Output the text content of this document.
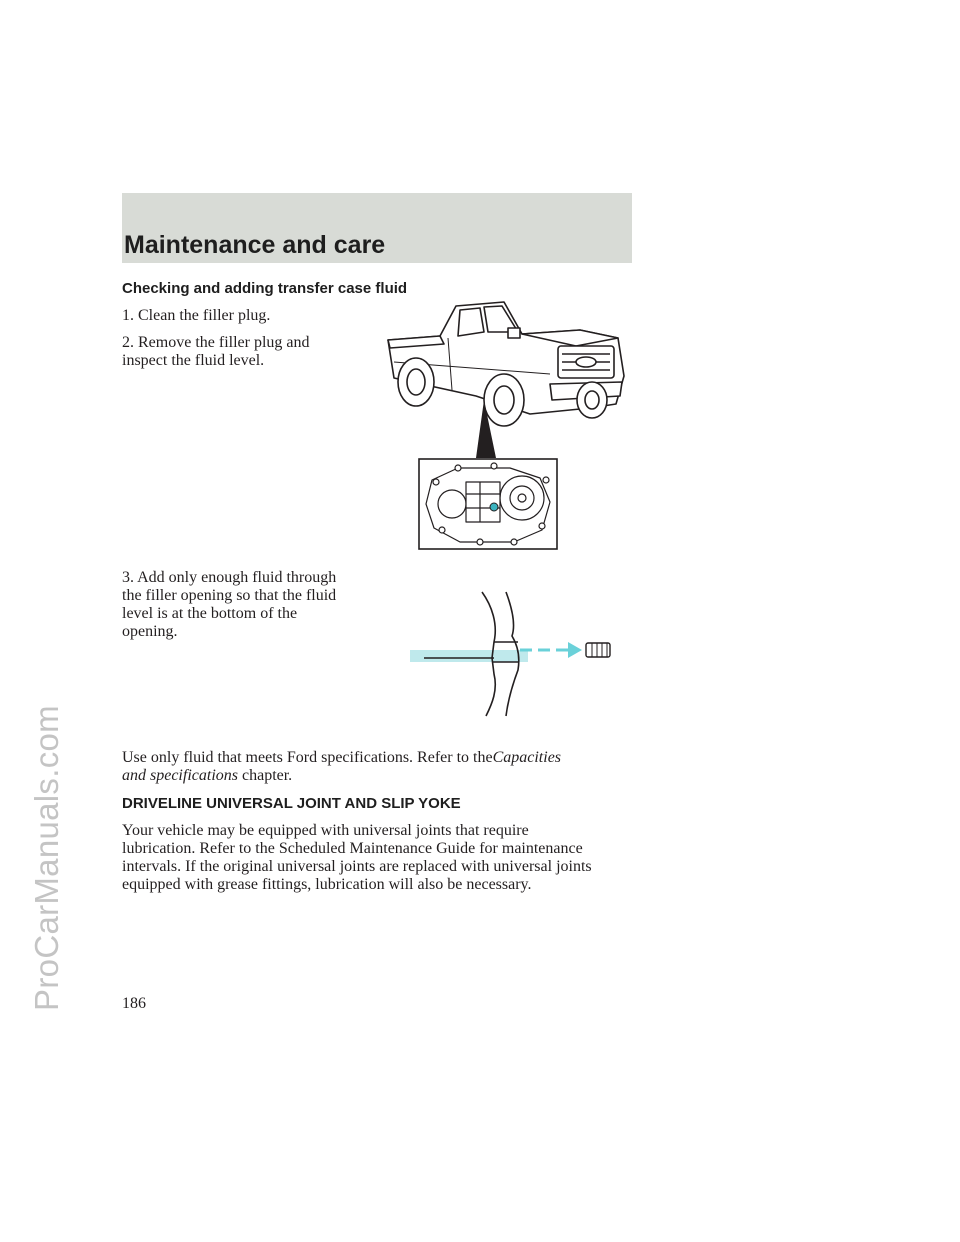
ProCarManuals.com
Maintenance and care
Checking and adding transfer case fluid

1. Clean the filler plug.

2. Remove the filler plug and

inspect the fluid level.

3. Add only enough fluid through

the filler opening so that the fluid

level is at the bottom of the

opening.

Use only fluid that meets Ford specifications. Refer to theCapacities

and specifications chapter.

DRIVELINE UNIVERSAL JOINT AND SLIP YOKE

Your vehicle may be equipped with universal joints that require

lubrication. Refer to the Scheduled Maintenance Guide for maintenance

intervals. If the original universal joints are replaced with universal joints

equipped with grease fittings, lubrication will also be necessary.

186
